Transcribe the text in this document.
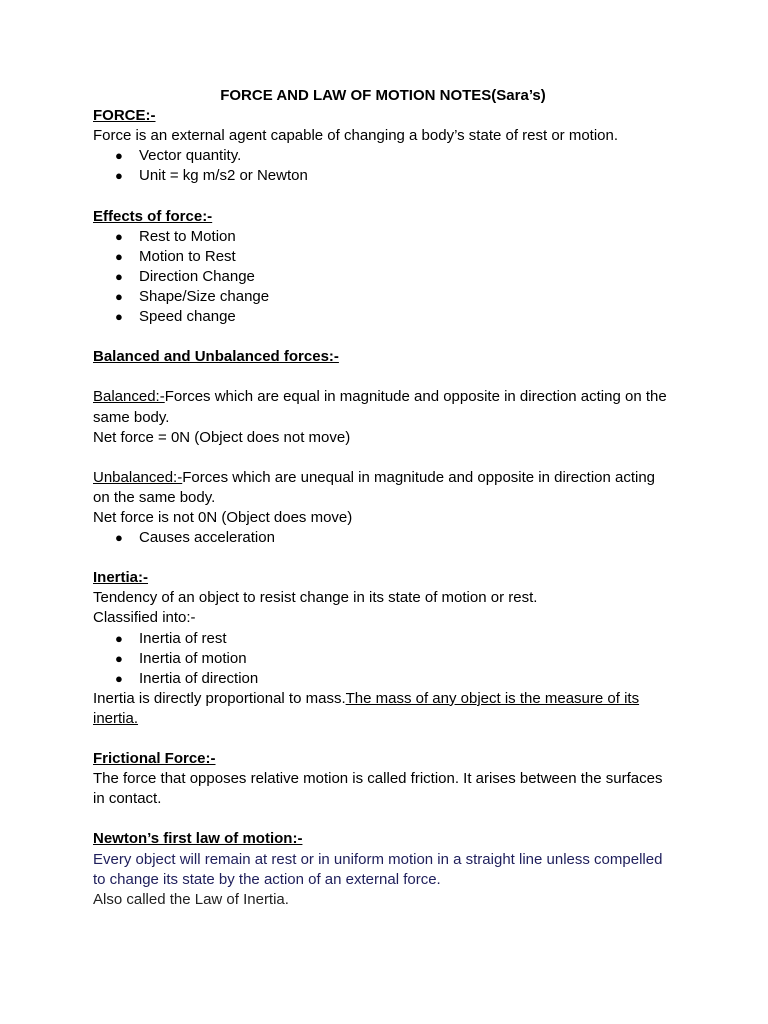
FORCE AND LAW OF MOTION NOTES(Sara’s)

FORCE:-

Force is an external agent capable of changing a body’s state of rest or motion.

● Vector quantity.
● Unit = kg m/s2 or Newton

Effects of force:-

● Rest to Motion
● Motion to Rest
● Direction Change
● Shape/Size change
● Speed change

Balanced and Unbalanced forces:-

Balanced:-Forces which are equal in magnitude and opposite in direction acting on the same body.

Net force = 0N (Object does not move)

Unbalanced:-Forces which are unequal in magnitude and opposite in direction acting on the same body.

Net force is not 0N (Object does move)

● Causes acceleration

Inertia:-

Tendency of an object to resist change in its state of motion or rest.

Classified into:-

● Inertia of rest
● Inertia of motion
● Inertia of direction

Inertia is directly proportional to mass.The mass of any object is the measure of its inertia.

Frictional Force:-

The force that opposes relative motion is called friction. It arises between the surfaces in contact.

Newton’s first law of motion:-

Every object will remain at rest or in uniform motion in a straight line unless compelled to change its state by the action of an external force.

Also called the Law of Inertia.
